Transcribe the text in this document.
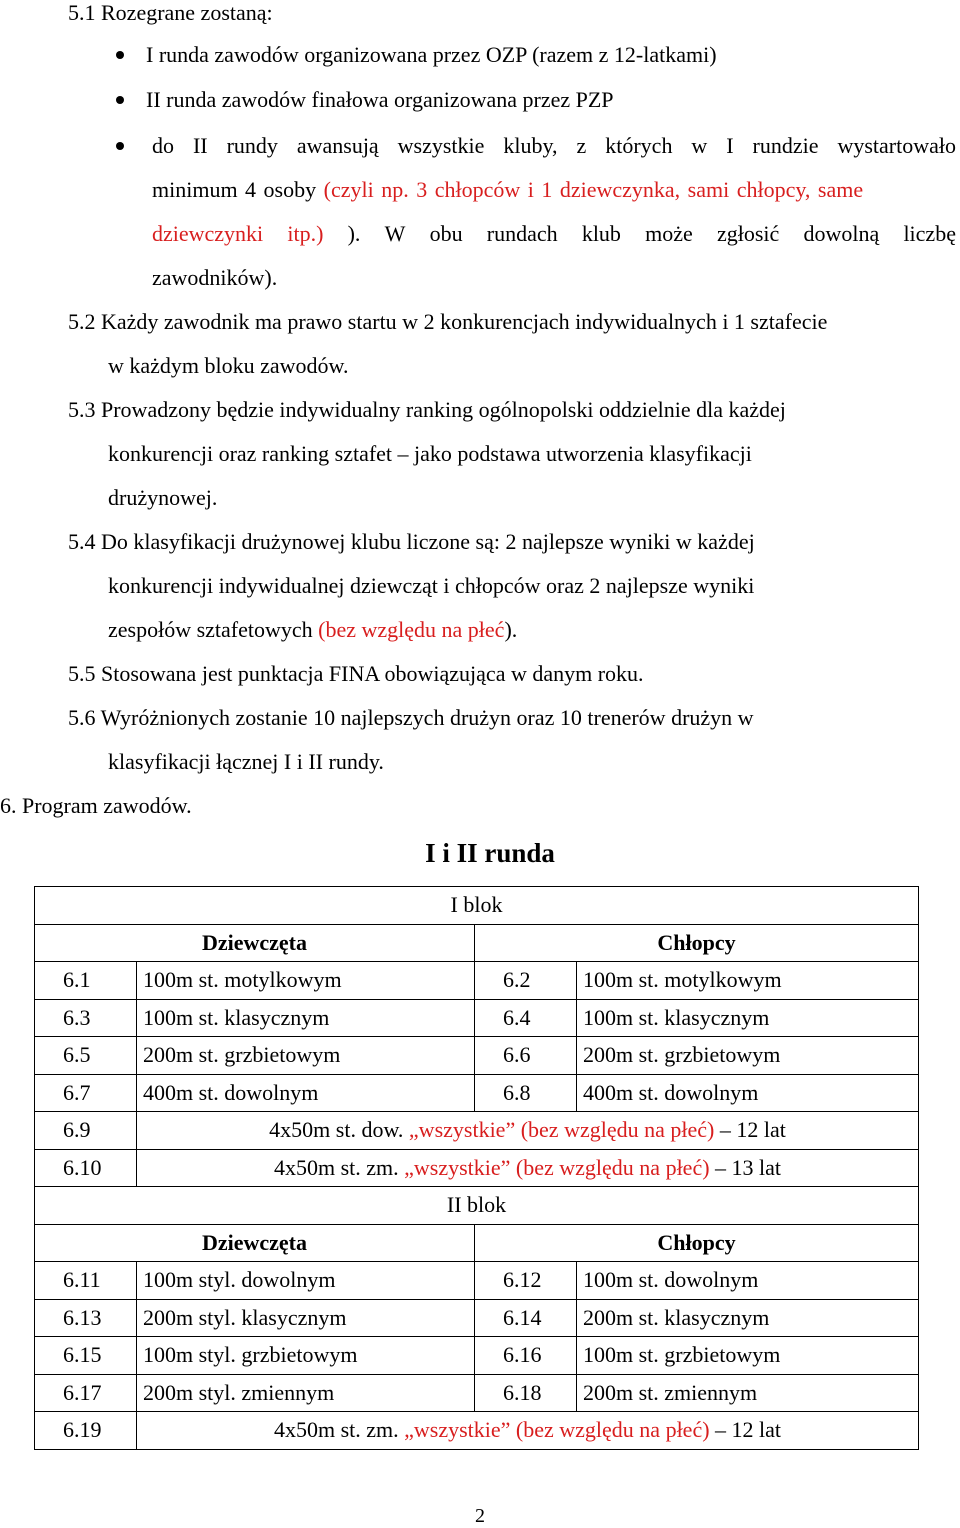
5.1 Rozegrane zostaną:
I runda zawodów organizowana przez OZP (razem z 12-latkami)
II runda zawodów finałowa organizowana przez PZP
do II rundy awansują wszystkie kluby, z których w I rundzie wystartowało
minimum 4 osoby (czyli np. 3 chłopców i 1 dziewczynka, sami chłopcy, same
dziewczynki itp.) ). W obu rundach klub może zgłosić dowolną liczbę
zawodników).
5.2 Każdy zawodnik ma prawo startu w 2 konkurencjach indywidualnych i 1 sztafecie
w każdym bloku zawodów.
5.3 Prowadzony będzie indywidualny ranking ogólnopolski oddzielnie dla każdej
konkurencji oraz ranking sztafet – jako podstawa utworzenia klasyfikacji
drużynowej.
5.4 Do klasyfikacji drużynowej klubu liczone są: 2 najlepsze wyniki w każdej
konkurencji indywidualnej dziewcząt i chłopców oraz 2 najlepsze wyniki
zespołów sztafetowych (bez względu na płeć).
5.5 Stosowana jest punktacja FINA obowiązująca w danym roku.
5.6 Wyróżnionych zostanie 10 najlepszych drużyn oraz 10 trenerów drużyn w
klasyfikacji łącznej I i II rundy.
6. Program zawodów.
I i II runda
I blok			
Dziewczęta		Chłopcy	
6.1	100m st. motylkowym	6.2	100m st. motylkowym
6.3	100m st. klasycznym	6.4	100m st. klasycznym
6.5	200m st. grzbietowym	6.6	200m st. grzbietowym
6.7	400m st. dowolnym	6.8	400m st. dowolnym
6.9	4x50m st. dow. „wszystkie” (bez względu na płeć) – 12 lat		
6.10	4x50m st. zm. „wszystkie” (bez względu na płeć) – 13 lat		
II blok			
Dziewczęta		Chłopcy	
6.11	100m styl. dowolnym	6.12	100m st. dowolnym
6.13	200m styl. klasycznym	6.14	200m st. klasycznym
6.15	100m styl. grzbietowym	6.16	100m st. grzbietowym
6.17	200m styl. zmiennym	6.18	200m st. zmiennym
6.19	4x50m st. zm. „wszystkie” (bez względu na płeć) – 12 lat		
2
